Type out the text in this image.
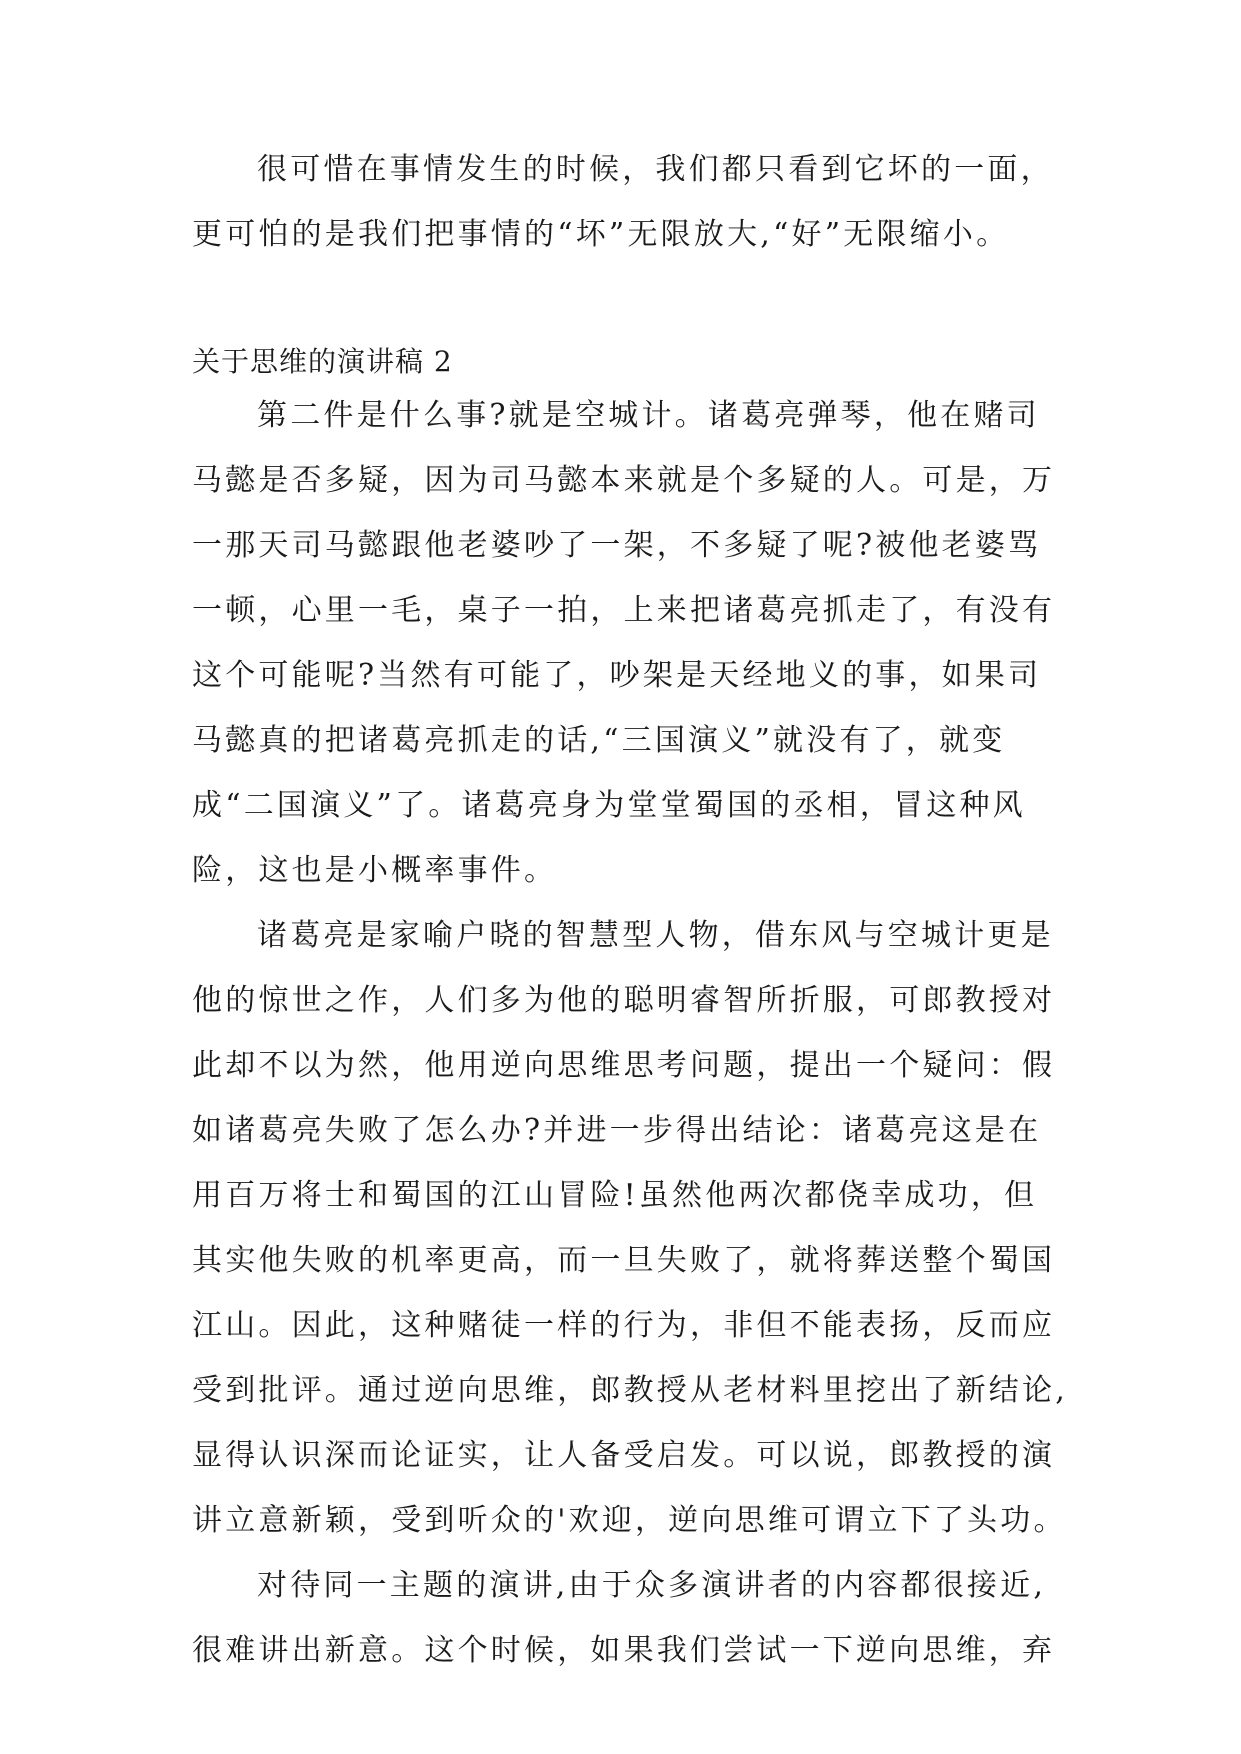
很可惜在事情发生的时候，我们都只看到它坏的一面，
更可怕的是我们把事情的“坏”无限放大,“好”无限缩小。
关于思维的演讲稿 2
第二件是什么事?就是空城计。诸葛亮弹琴，他在赌司
马懿是否多疑，因为司马懿本来就是个多疑的人。可是，万
一那天司马懿跟他老婆吵了一架，不多疑了呢?被他老婆骂
一顿，心里一毛，桌子一拍，上来把诸葛亮抓走了，有没有
这个可能呢?当然有可能了，吵架是天经地义的事，如果司
马懿真的把诸葛亮抓走的话,“三国演义”就没有了，就变
成“二国演义”了。诸葛亮身为堂堂蜀国的丞相，冒这种风
险，这也是小概率事件。
诸葛亮是家喻户晓的智慧型人物，借东风与空城计更是
他的惊世之作，人们多为他的聪明睿智所折服，可郎教授对
此却不以为然，他用逆向思维思考问题，提出一个疑问：假
如诸葛亮失败了怎么办?并进一步得出结论：诸葛亮这是在
用百万将士和蜀国的江山冒险!虽然他两次都侥幸成功，但
其实他失败的机率更高，而一旦失败了，就将葬送整个蜀国
江山。因此，这种赌徒一样的行为，非但不能表扬，反而应
受到批评。通过逆向思维，郎教授从老材料里挖出了新结论,
显得认识深而论证实，让人备受启发。可以说，郎教授的演
讲立意新颖，受到听众的'欢迎，逆向思维可谓立下了头功。
对待同一主题的演讲,由于众多演讲者的内容都很接近,
很难讲出新意。这个时候，如果我们尝试一下逆向思维，弃
